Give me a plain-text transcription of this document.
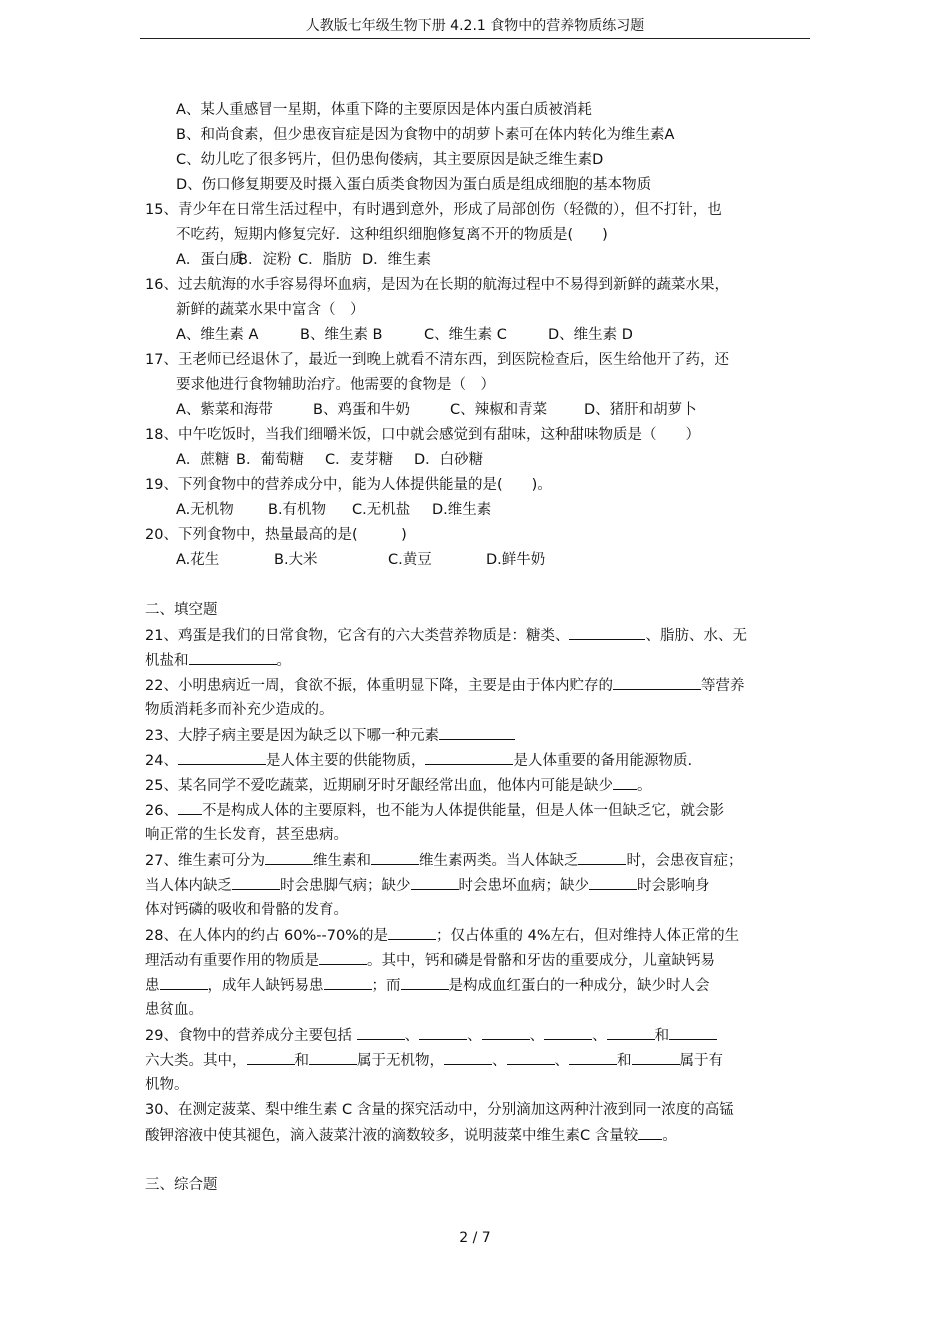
人教版七年级生物下册 4.2.1 食物中的营养物质练习题
A、某人重感冒一星期，体重下降的主要原因是体内蛋白质被消耗
B、和尚食素，但少患夜盲症是因为食物中的胡萝卜素可在体内转化为维生素A
C、幼儿吃了很多钙片，但仍患佝偻病，其主要原因是缺乏维生素D
D、伤口修复期要及时摄入蛋白质类食物因为蛋白质是组成细胞的基本物质
15、青少年在日常生活过程中，有时遇到意外，形成了局部创伤（轻微的），但不打针，也
不吃药，短期内修复完好．这种组织细胞修复离不开的物质是(　　)
A．蛋白质B．淀粉 C．脂肪 D．维生素
16、过去航海的水手容易得坏血病，是因为在长期的航海过程中不易得到新鲜的蔬菜水果，
新鲜的蔬菜水果中富含（　）
A、维生素 A	B、维生素 B	C、维生素 C	D、维生素 D
17、王老师已经退休了，最近一到晚上就看不清东西，到医院检查后，医生给他开了药，还
要求他进行食物辅助治疗。他需要的食物是（　）
A、紫菜和海带	B、鸡蛋和牛奶	C、辣椒和青菜	D、猪肝和胡萝卜
18、中午吃饭时，当我们细嚼米饭，口中就会感觉到有甜味，这种甜味物质是（　　）
A．蔗糖 B．葡萄糖 C．麦芽糖 D．白砂糖
19、下列食物中的营养成分中，能为人体提供能量的是(　　)。
A.无机物 B.有机物 C.无机盐 D.维生素
20、下列食物中，热量最高的是(　　　)
A.花生	B.大米	C.黄豆	D.鲜牛奶
二、填空题
21、鸡蛋是我们的日常食物，它含有的六大类营养物质是：糖类、	、脂肪、水、无
机盐和	。
22、小明患病近一周，食欲不振，体重明显下降，主要是由于体内贮存的	等营养
物质消耗多而补充少造成的。
23、大脖子病主要是因为缺乏以下哪一种元素
24、	是人体主要的供能物质，	是人体重要的备用能源物质.
25、某名同学不爱吃蔬菜，近期刷牙时牙龈经常出血，他体内可能是缺少 。
26、 不是构成人体的主要原料，也不能为人体提供能量，但是人体一但缺乏它，就会影
响正常的生长发育，甚至患病。
27、维生素可分为	维生素和	维生素两类。当人体缺乏	时，会患夜盲症；
当人体内缺乏	时会患脚气病；缺少	时会患坏血病；缺少	时会影响身
体对钙磷的吸收和骨骼的发育。
28、在人体内的约占 60%--70%的是	；仅占体重的 4%左右，但对维持人体正常的生
理活动有重要作用的物质是	。其中，钙和磷是骨骼和牙齿的重要成分，儿童缺钙易
患	，成年人缺钙易患	；而	是构成血红蛋白的一种成分，缺少时人会
患贫血。
29、食物中的营养成分主要包括	、	、	、	、	和
六大类。其中，	和	属于无机物，	、	、	和	属于有
机物。
30、在测定菠菜、梨中维生素 C 含量的探究活动中，分别滴加这两种汁液到同一浓度的高锰
酸钾溶液中使其褪色，滴入菠菜汁液的滴数较多，说明菠菜中维生素C 含量较 。
三、综合题
2 / 7
